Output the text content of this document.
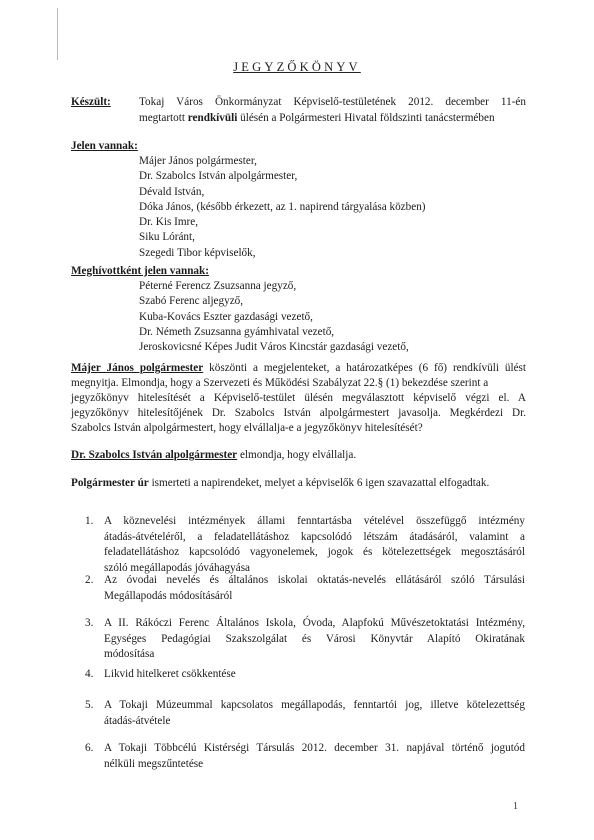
JEGYZŐKÖNYV
Készült:	Tokaj Város Önkormányzat Képviselő-testületének 2012. december 11-én
megtartott rendkívüli ülésén a Polgármesteri Hivatal földszinti tanácstermében
Jelen vannak:
Májer János polgármester,
Dr. Szabolcs István alpolgármester,
Dévald István,
Dóka János, (később érkezett, az 1. napirend tárgyalása közben)
Dr. Kis Imre,
Siku Lóránt,
Szegedi Tibor képviselők,
Meghívottként jelen vannak:
Péterné Ferencz Zsuzsanna jegyző,
Szabó Ferenc aljegyző,
Kuba-Kovács Eszter gazdasági vezető,
Dr. Németh Zsuzsanna gyámhivatal vezető,
Jeroskovicsné Képes Judit Város Kincstár gazdasági vezető,
Májer János polgármester köszönti a megjelenteket, a határozatképes (6 fő) rendkívüli ülést
megnyitja. Elmondja, hogy a Szervezeti és Működési Szabályzat 22.§ (1) bekezdése szerint a
jegyzőkönyv hitelesítését a Képviselő-testület ülésén megválasztott képviselő végzi el. A
jegyzőkönyv hitelesítőjének Dr. Szabolcs István alpolgármestert javasolja. Megkérdezi Dr.
Szabolcs István alpolgármestert, hogy elvállalja-e a jegyzőkönyv hitelesítését?
Dr. Szabolcs István alpolgármester elmondja, hogy elvállalja.
Polgármester úr ismerteti a napirendeket, melyet a képviselők 6 igen szavazattal elfogadtak.
1. A köznevelési intézmények állami fenntartásba vételével összefüggő intézmény
átadás-átvételéről, a feladatellátáshoz kapcsolódó létszám átadásáról, valamint a
feladatellátáshoz kapcsolódó vagyonelemek, jogok és kötelezettségek megosztásáról
szóló megállapodás jóváhagyása
2. Az óvodai nevelés és általános iskolai oktatás-nevelés ellátásáról szóló Társulási
Megállapodás módosításáról
3. A II. Rákóczi Ferenc Általános Iskola, Óvoda, Alapfokú Művészetoktatási Intézmény,
Egységes Pedagógiai Szakszolgálat és Városi Könyvtár Alapító Okiratának
módosítása
4. Likvid hitelkeret csökkentése
5. A Tokaji Múzeummal kapcsolatos megállapodás, fenntartói jog, illetve kötelezettség
átadás-átvétele
6. A Tokaji Többcélú Kistérségi Társulás 2012. december 31. napjával történő jogutód
nélküli megszűntetése
1
